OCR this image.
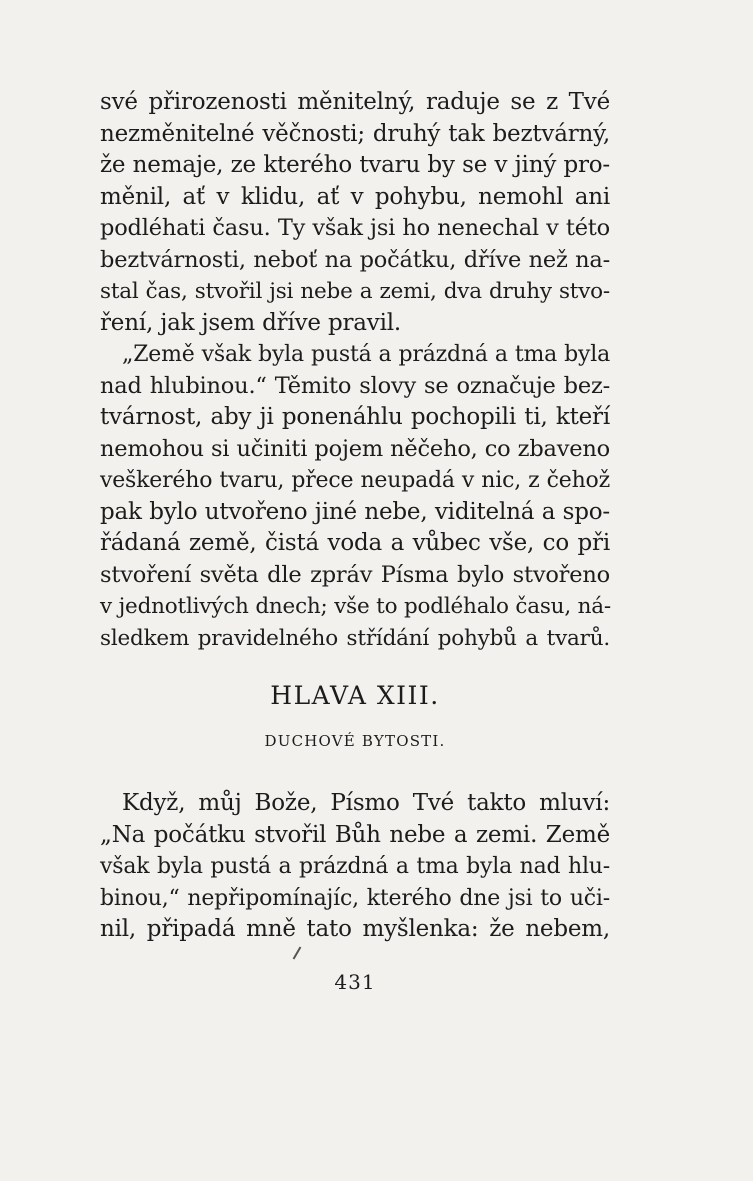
své přirozenosti měnitelný, raduje se z Tvé
nezměnitelné věčnosti; druhý tak beztvárný,
že nemaje, ze kterého tvaru by se v jiný pro-
měnil, ať v klidu, ať v pohybu, nemohl ani
podléhati času. Ty však jsi ho nenechal v této
beztvárnosti, neboť na počátku, dříve než na-
stal čas, stvořil jsi nebe a zemi, dva druhy stvo-
ření, jak jsem dříve pravil.
„Země však byla pustá a prázdná a tma byla
nad hlubinou.“ Těmito slovy se označuje bez-
tvárnost, aby ji ponenáhlu pochopili ti, kteří
nemohou si učiniti pojem něčeho, co zbaveno
veškerého tvaru, přece neupadá v nic, z čehož
pak bylo utvořeno jiné nebe, viditelná a spo-
řádaná země, čistá voda a vůbec vše, co při
stvoření světa dle zpráv Písma bylo stvořeno
v jednotlivých dnech; vše to podléhalo času, ná-
sledkem pravidelného střídání pohybů a tvarů.
HLAVA XIII.
DUCHOVÉ BYTOSTI.
Když, můj Bože, Písmo Tvé takto mluví:
„Na počátku stvořil Bůh nebe a zemi. Země
však byla pustá a prázdná a tma byla nad hlu-
binou,“ nepřipomínajíc, kterého dne jsi to uči-
nil, připadá mně tato myšlenka: že nebem,
431
